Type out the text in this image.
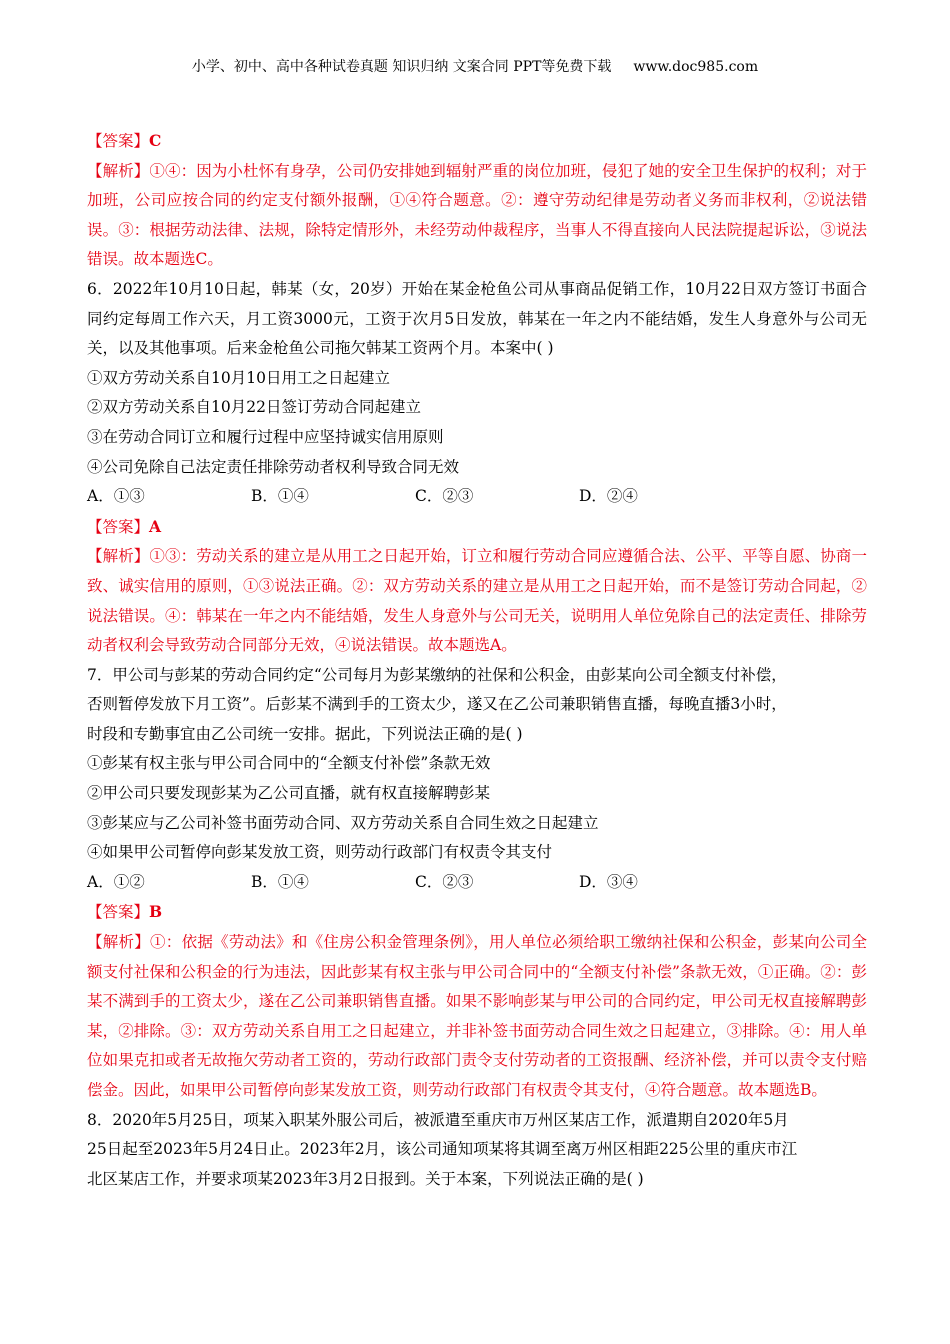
小学、初中、高中各种试卷真题 知识归纳 文案合同 PPT等免费下载 www.doc985.com

【答案】C

【解析】①④：因为小杜怀有身孕，公司仍安排她到辐射严重的岗位加班，侵犯了她的安全卫生保护的权利；对于加班，公司应按合同的约定支付额外报酬，①④符合题意。②：遵守劳动纪律是劳动者义务而非权利，②说法错误。③：根据劳动法律、法规，除特定情形外，未经劳动仲裁程序，当事人不得直接向人民法院提起诉讼，③说法错误。故本题选C。

6．2022年10月10日起，韩某（女，20岁）开始在某金枪鱼公司从事商品促销工作，10月22日双方签订书面合同约定每周工作六天，月工资3000元，工资于次月5日发放，韩某在一年之内不能结婚，发生人身意外与公司无关，以及其他事项。后来金枪鱼公司拖欠韩某工资两个月。本案中( )

①双方劳动关系自10月10日用工之日起建立

②双方劳动关系自10月22日签订劳动合同起建立

③在劳动合同订立和履行过程中应坚持诚实信用原则

④公司免除自己法定责任排除劳动者权利导致合同无效

A．①③	B．①④	C．②③	D．②④

【答案】A

【解析】①③：劳动关系的建立是从用工之日起开始，订立和履行劳动合同应遵循合法、公平、平等自愿、协商一致、诚实信用的原则，①③说法正确。②：双方劳动关系的建立是从用工之日起开始，而不是签订劳动合同起，②说法错误。④：韩某在一年之内不能结婚，发生人身意外与公司无关，说明用人单位免除自己的法定责任、排除劳动者权利会导致劳动合同部分无效，④说法错误。故本题选A。

7．甲公司与彭某的劳动合同约定“公司每月为彭某缴纳的社保和公积金，由彭某向公司全额支付补偿，

否则暂停发放下月工资”。后彭某不满到手的工资太少，遂又在乙公司兼职销售直播，每晚直播3小时，

时段和专勤事宜由乙公司统一安排。据此，下列说法正确的是( )

①彭某有权主张与甲公司合同中的“全额支付补偿”条款无效

②甲公司只要发现彭某为乙公司直播，就有权直接解聘彭某

③彭某应与乙公司补签书面劳动合同、双方劳动关系自合同生效之日起建立

④如果甲公司暂停向彭某发放工资，则劳动行政部门有权责令其支付

A．①②	B．①④	C．②③	D．③④

【答案】B

【解析】①：依据《劳动法》和《住房公积金管理条例》，用人单位必须给职工缴纳社保和公积金，彭某向公司全额支付社保和公积金的行为违法，因此彭某有权主张与甲公司合同中的“全额支付补偿”条款无效，①正确。②：彭某不满到手的工资太少，遂在乙公司兼职销售直播。如果不影响彭某与甲公司的合同约定，甲公司无权直接解聘彭某，②排除。③：双方劳动关系自用工之日起建立，并非补签书面劳动合同生效之日起建立，③排除。④：用人单位如果克扣或者无故拖欠劳动者工资的，劳动行政部门责令支付劳动者的工资报酬、经济补偿，并可以责令支付赔偿金。因此，如果甲公司暂停向彭某发放工资，则劳动行政部门有权责令其支付，④符合题意。故本题选B。

8．2020年5月25日，项某入职某外服公司后，被派遣至重庆市万州区某店工作，派遣期自2020年5月

25日起至2023年5月24日止。2023年2月，该公司通知项某将其调至离万州区相距225公里的重庆市江

北区某店工作，并要求项某2023年3月2日报到。关于本案，下列说法正确的是( )
